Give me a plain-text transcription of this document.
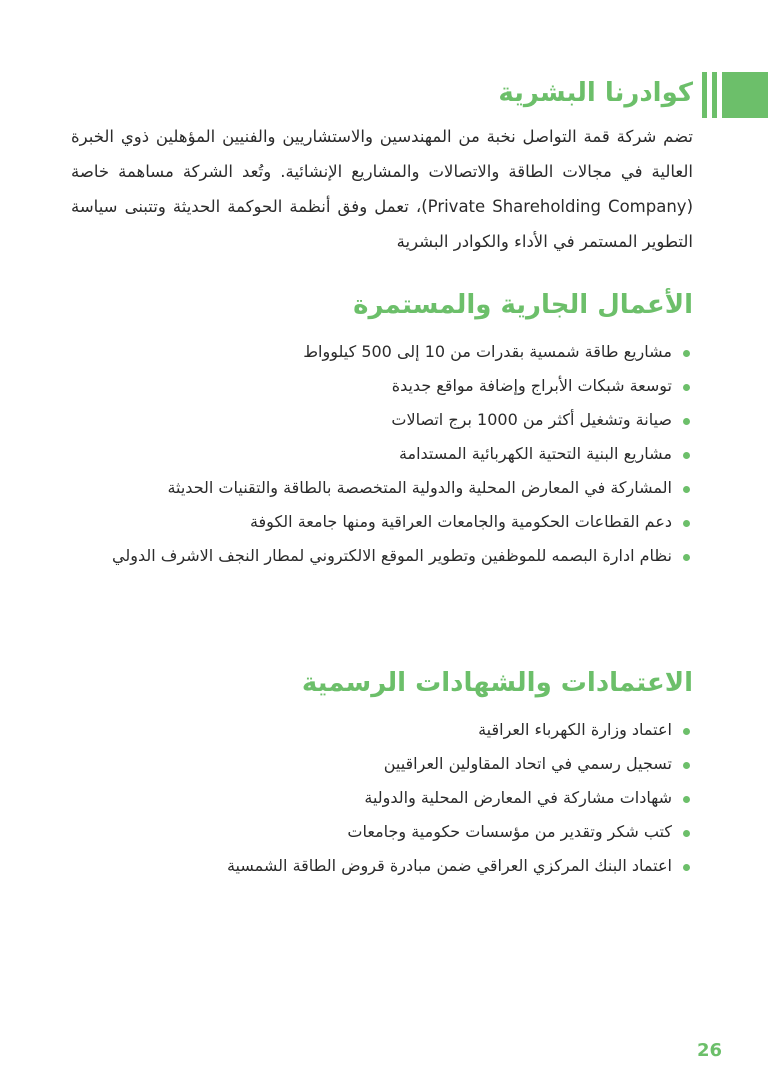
كوادرنا البشرية

تضم شركة قمة التواصل نخبة من المهندسين والاستشاريين والفنيين المؤهلين ذوي الخبرة العالية في مجالات الطاقة والاتصالات والمشاريع الإنشائية. وتُعد الشركة مساهمة خاصة (Private Shareholding Company)، تعمل وفق أنظمة الحوكمة الحديثة وتتبنى سياسة التطوير المستمر في الأداء والكوادر البشرية

الأعمال الجارية والمستمرة
مشاريع طاقة شمسية بقدرات من 10 إلى 500 كيلوواط
توسعة شبكات الأبراج وإضافة مواقع جديدة
صيانة وتشغيل أكثر من 1000 برج اتصالات
مشاريع البنية التحتية الكهربائية المستدامة
المشاركة في المعارض المحلية والدولية المتخصصة بالطاقة والتقنيات الحديثة
دعم القطاعات الحكومية والجامعات العراقية ومنها جامعة الكوفة
نظام ادارة البصمه للموظفين وتطوير الموقع الالكتروني لمطار النجف الاشرف الدولي
الاعتمادات والشهادات الرسمية
اعتماد وزارة الكهرباء العراقية
تسجيل رسمي في اتحاد المقاولين العراقيين
شهادات مشاركة في المعارض المحلية والدولية
كتب شكر وتقدير من مؤسسات حكومية وجامعات
اعتماد البنك المركزي العراقي ضمن مبادرة قروض الطاقة الشمسية
26
